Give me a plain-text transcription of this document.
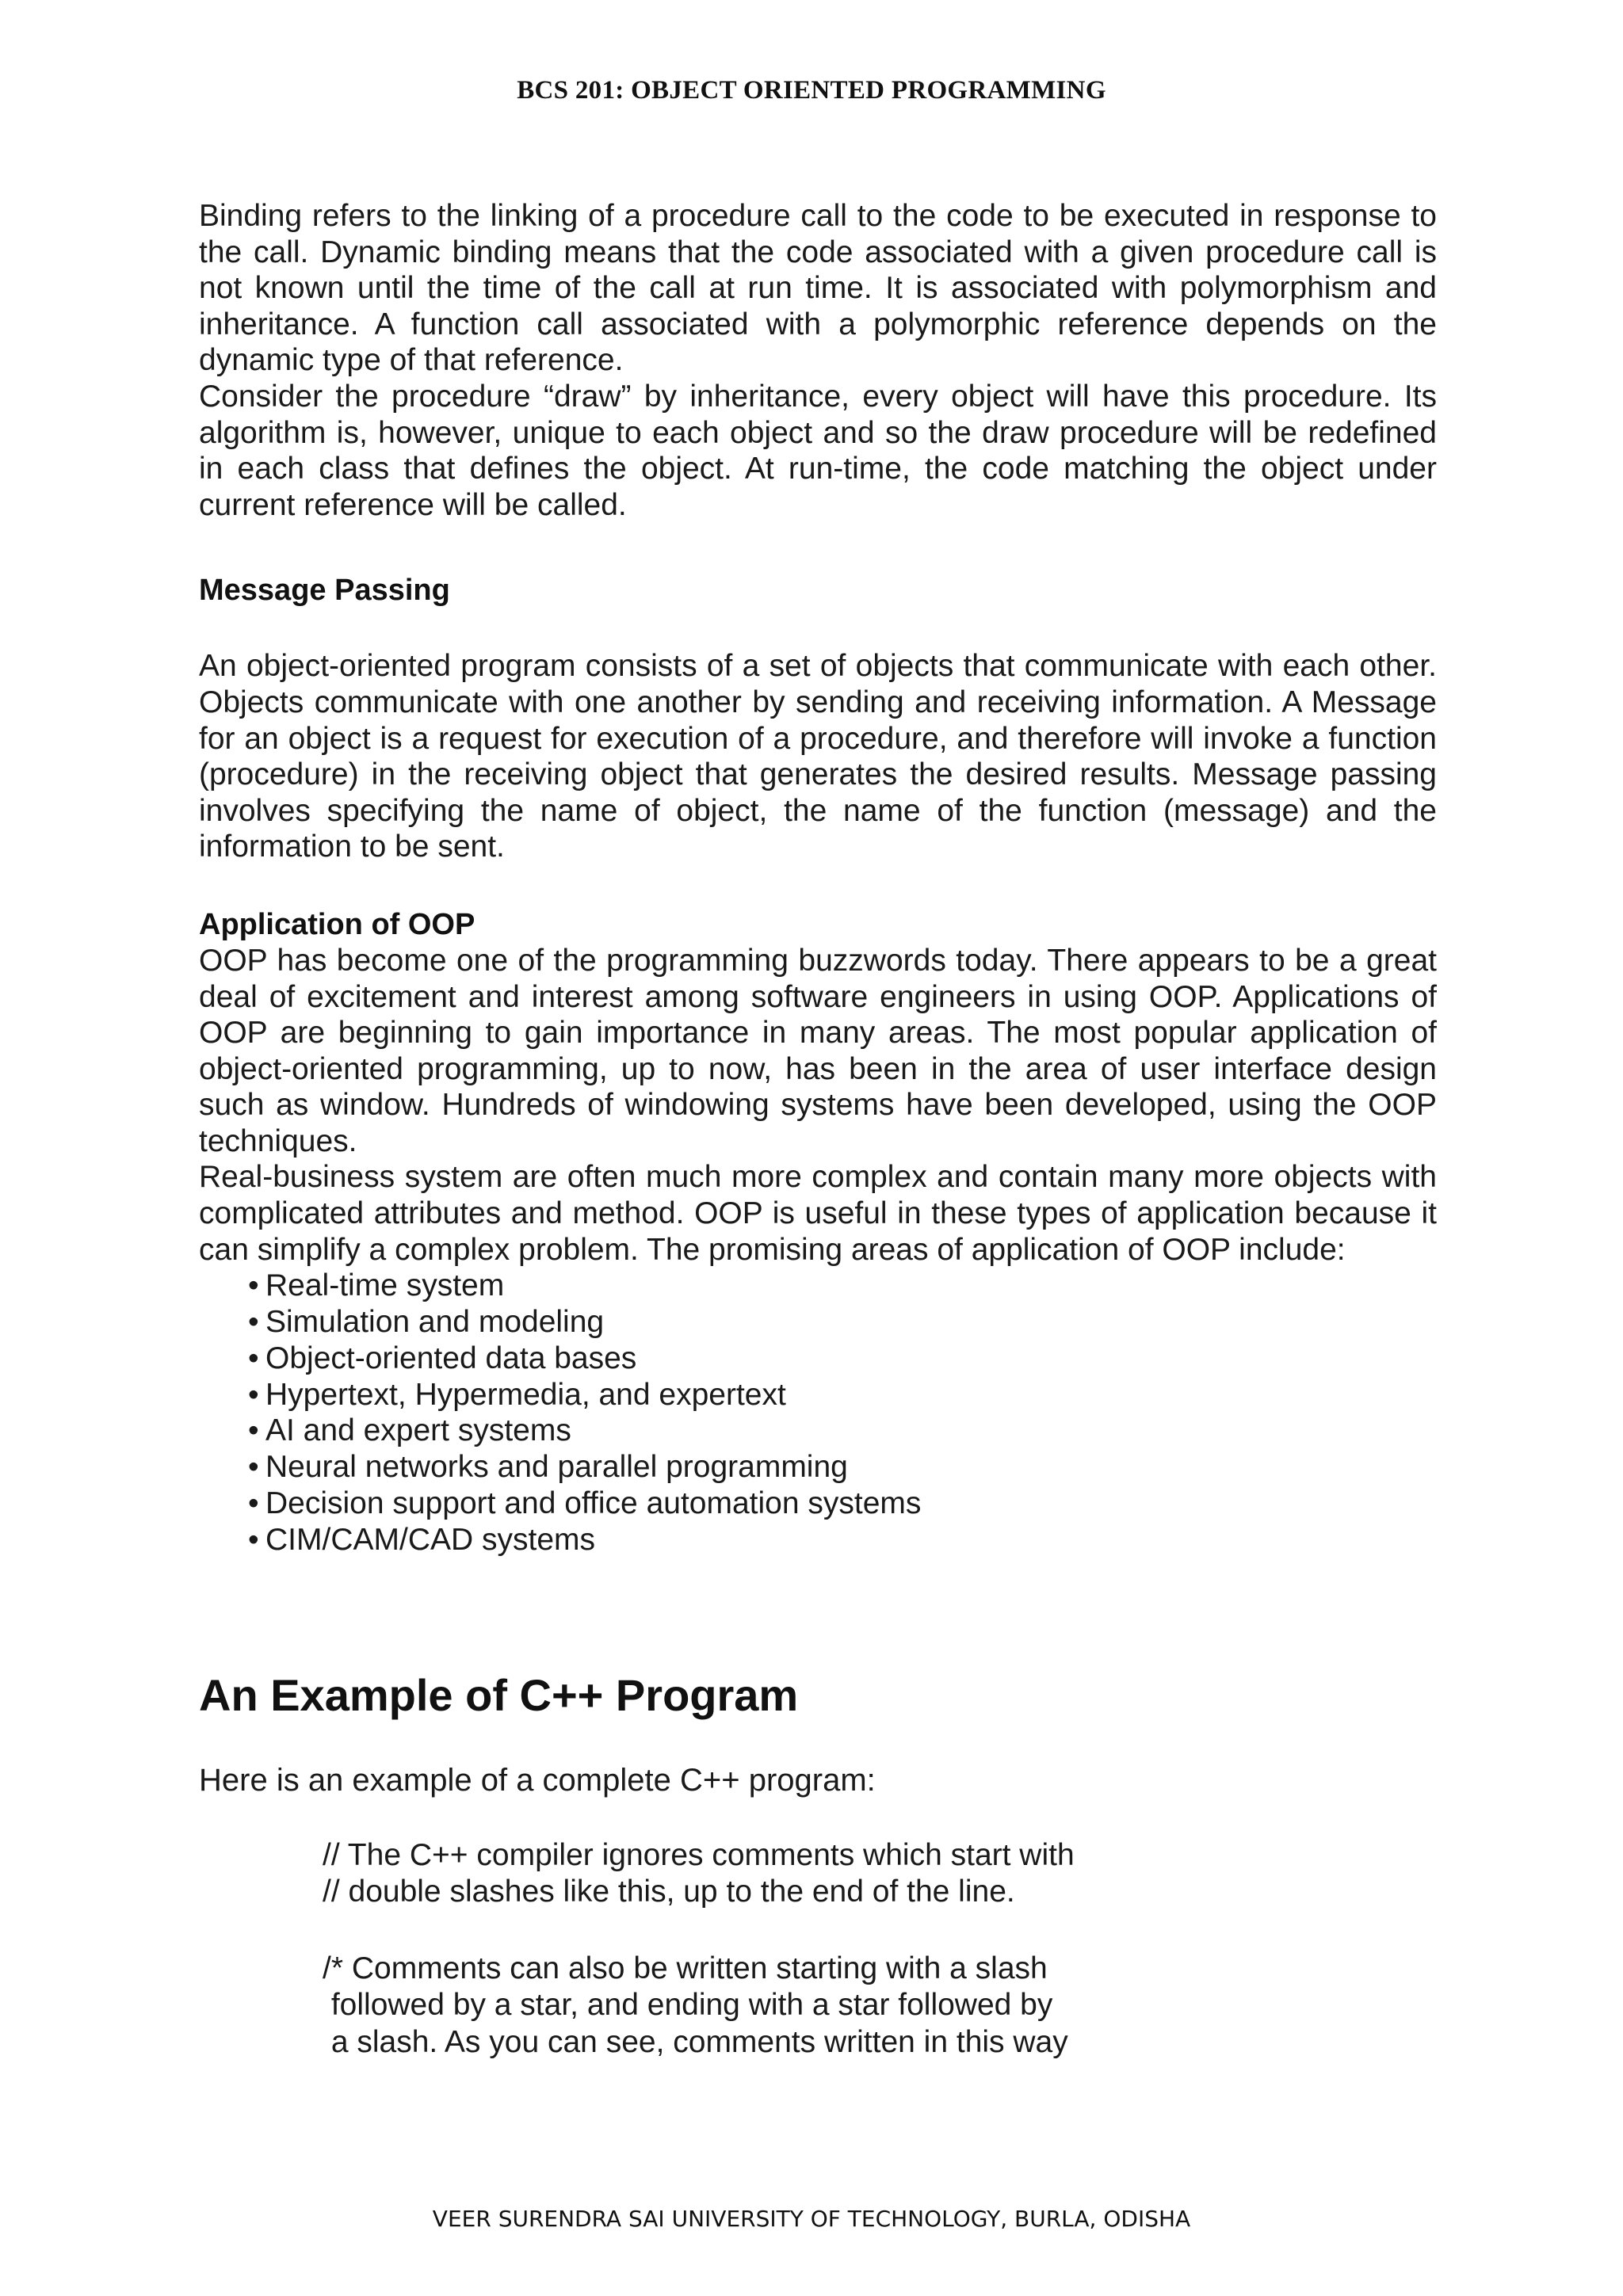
BCS 201: OBJECT ORIENTED PROGRAMMING

Binding refers to the linking of a procedure call to the code to be executed in response to the call. Dynamic binding means that the code associated with a given procedure call is not known until the time of the call at run time. It is associated with polymorphism and inheritance. A function call associated with a polymorphic reference depends on the dynamic type of that reference.

Consider the procedure “draw” by inheritance, every object will have this procedure. Its algorithm is, however, unique to each object and so the draw procedure will be redefined in each class that defines the object. At run-time, the code matching the object under current reference will be called.

Message Passing

An object-oriented program consists of a set of objects that communicate with each other. Objects communicate with one another by sending and receiving information. A Message for an object is a request for execution of a procedure, and therefore will invoke a function (procedure) in the receiving object that generates the desired results. Message passing involves specifying the name of object, the name of the function (message) and the information to be sent.

Application of OOP

OOP has become one of the programming buzzwords today. There appears to be a great deal of excitement and interest among software engineers in using OOP. Applications of OOP are beginning to gain importance in many areas. The most popular application of object-oriented programming, up to now, has been in the area of user interface design such as window. Hundreds of windowing systems have been developed, using the OOP techniques.

Real-business system are often much more complex and contain many more objects with complicated attributes and method. OOP is useful in these types of application because it can simplify a complex problem. The promising areas of application of OOP include:

• Real-time system
• Simulation and modeling
• Object-oriented data bases
• Hypertext, Hypermedia, and expertext
• AI and expert systems
• Neural networks and parallel programming
• Decision support and office automation systems
• CIM/CAM/CAD systems
An Example of C++ Program

Here is an example of a complete C++ program:

// The C++ compiler ignores comments which start with
// double slashes like this, up to the end of the line.
/* Comments can also be written starting with a slash
followed by a star, and ending with a star followed by
a slash. As you can see, comments written in this way
VEER SURENDRA SAI UNIVERSITY OF TECHNOLOGY, BURLA, ODISHA
